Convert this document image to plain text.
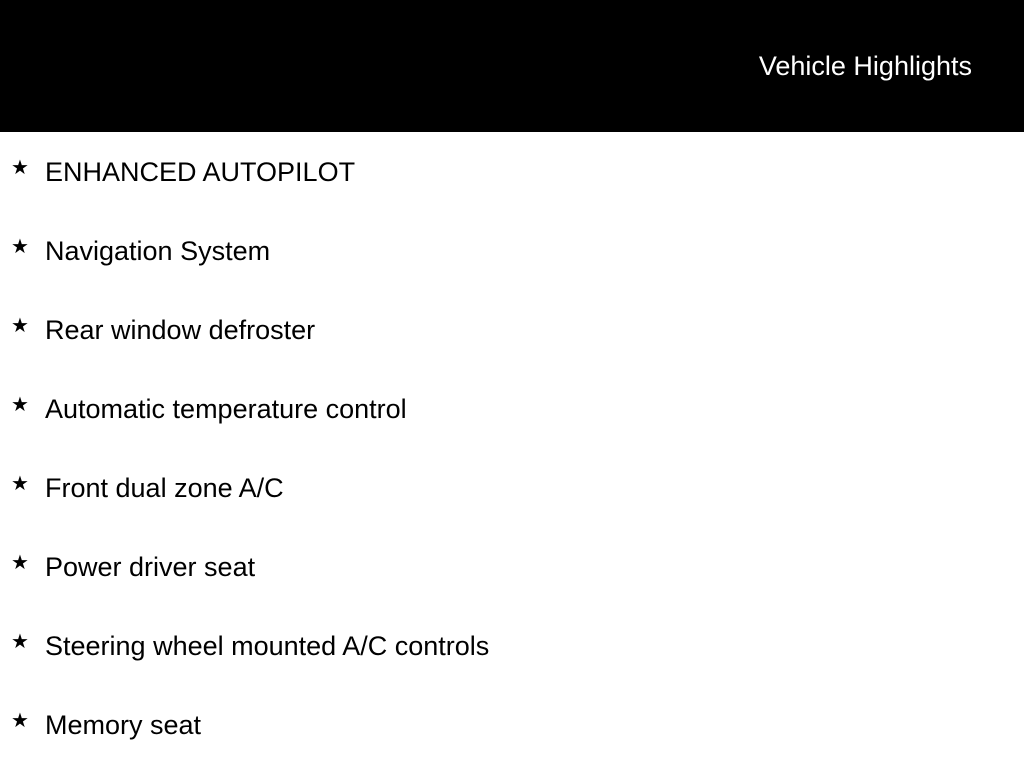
Vehicle Highlights
★ ENHANCED AUTOPILOT
★ Navigation System
★ Rear window defroster
★ Automatic temperature control
★ Front dual zone A/C
★ Power driver seat
★ Steering wheel mounted A/C controls
★ Memory seat
